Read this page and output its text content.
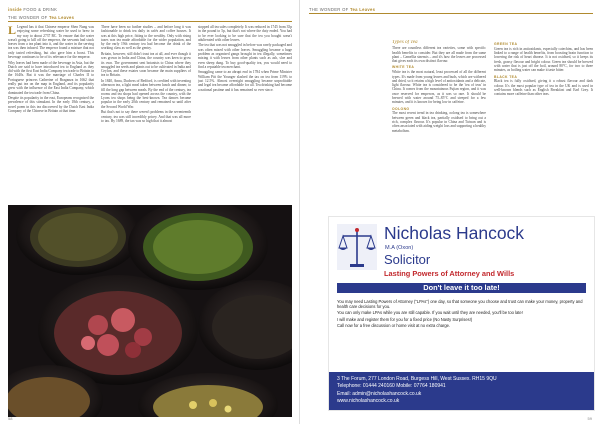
inside FOOD & DRINK
THE WONDER OF Tea Leaves

L Legend has it that Chinese emperor Shen Nung was enjoying some refreshing water he used to brew in my way to about 2737 BC. To ensure that the water wasn't going to kill off the emperor, the servants had stuck leaves from a tea plant into it, and the water in the serving tea was then infused. The emperor found a mixture that not only tasted refreshing, but also gave him a boost. This beverage continues to be of its relevance for the emperor.

Why leaves had been made of the beverage in Asia, but the Dutch are said to have introduced tea to England as they did with the first East India Company tea trade to Britain in the 1640s. But it was the marriage of Charles II to Portuguese princess Catherine of Braganza in 1662 that really put tea on the map in England, and its popularity grew with the influence of the East India Company, which dominated the tea trade from China.

Despite its popularity in the east, Europeans recognised the prevalence of this stimulant. In the early 18th century, a novel poem in this tea discovered by the Dutch East India Company of the Chinese in Britain at that time.

There have been no further studies – and before long it was fashionable to drink tea daily in cafés and coffee houses. It was at this high price, fitting to the wealthy. Only with rising taxes was tea made affordable for the wider population, and by the early 19th century tea had become the drink of the working class as well as the gentry.

Britain, however, still didn't trust tea at all, and ever though it was grown in India and China, the country was keen to grow its own. The government sent botanists to China where they smuggled tea seeds and plants out to be cultivated in India and Ceylon, and these estates soon became the main suppliers of tea to Britain.

In 1840, Anna, Duchess of Bedford, is credited with inventing afternoon tea, a light meal taken between lunch and dinner, to fill the long gap between meals. By the end of the century, tea rooms and tea shops had opened across the country, with the Lyons tea shops being the best-known. Tea dances became popular in the early 20th century and remained so until after the Second World War.

But that's not to say there weren't problems in the seventeenth century, tea was still incredibly pricey. And that was all more to tax. By 1689, the tax was so high that it almost

stopped all tea sales completely. It was reduced in 1745 from 35p in the pound to 5p, but that's not where the duty ended. You had to be ever looking to be sure that the tea you bought wasn't adulterated with other leaves.

The tea that was not smuggled in before was rarely packaged and was often mixed with other leaves. Smuggling became a huge problem as organised gangs brought in tea illegally, sometimes mixing it with leaves from other plants such as ash, sloe and even sheep dung. To buy good-quality tea, you would need to find a reputable tea merchant.

Smuggling came to an abrupt end in 1784 when Prime Minister William Pitt the Younger slashed the tax on tea from 119% to just 12.5%. Almost overnight smuggling became unprofitable and legal tea became affordable for all. Tea drinking had become a national pastime and it has remained so ever since.

58
THE WONDER OF Tea Leaves
Types of Tea

There are countless different tea varieties, some with specific health benefits to consider. But they are all made from the same plant – Camellia sinensis – and it's how the leaves are processed that gives each its own distinct flavour.

WHITE TEA

White tea is the most natural, least processed of all the different types. It's made from young leaves and buds, which are withered and dried, so it retains a high level of antioxidants and a delicate, light flavour. White tea is considered to be the 'tea of teas' in China. It comes from the mountainous Fujian region, and it was once reserved for emperors, as it was so rare. It should be brewed with water around 75–85°C and steeped for a few minutes, and it is known for being low in caffeine.

OOLONG

The most recent trend in tea drinking, oolong tea is somewhere between green and black tea, partially oxidised to bring out a rich, complex flavour. It's popular in China and Taiwan and is often associated with aiding weight loss and supporting a healthy metabolism.

GREEN TEA

Green tea is rich in antioxidants, especially catechins, and has been linked to a range of health benefits, from boosting brain function to lowering the risk of heart disease. It is not oxidised, so it keeps its fresh, grassy flavour and bright colour. Green tea should be brewed with water that is just off the boil, around 80°C, for two to three minutes, as boiling water can make it taste bitter.

BLACK TEA

Black tea is fully oxidised, giving it a robust flavour and dark colour. It's the most popular type of tea in the UK and is used in well-known blends such as English Breakfast and Earl Grey. It contains more caffeine than other teas.

Nicholas Hancock
M.A (Oxon)
Solicitor
Lasting Powers of Attorney and Wills
Don't leave it too late!

You may need Lasting Powers of Attorney ("LPAs") one day, so that someone you choose and trust can make your money, property and health care decisions for you.

You can only make LPAs while you are still capable. If you wait until they are needed, you'll be too late!

I will make and register them for you for a fixed price (No Nasty Surprises!)

Call now for a free discussion or home visit at no extra charge.

3 The Forum, 277 London Road, Burgess Hill, West Sussex. RH15 9QU
Telephone: 01444 240160 Mobile: 07764 180941
Email: admin@nicholashancock.co.uk
www.nicholashancock.co.uk
59
